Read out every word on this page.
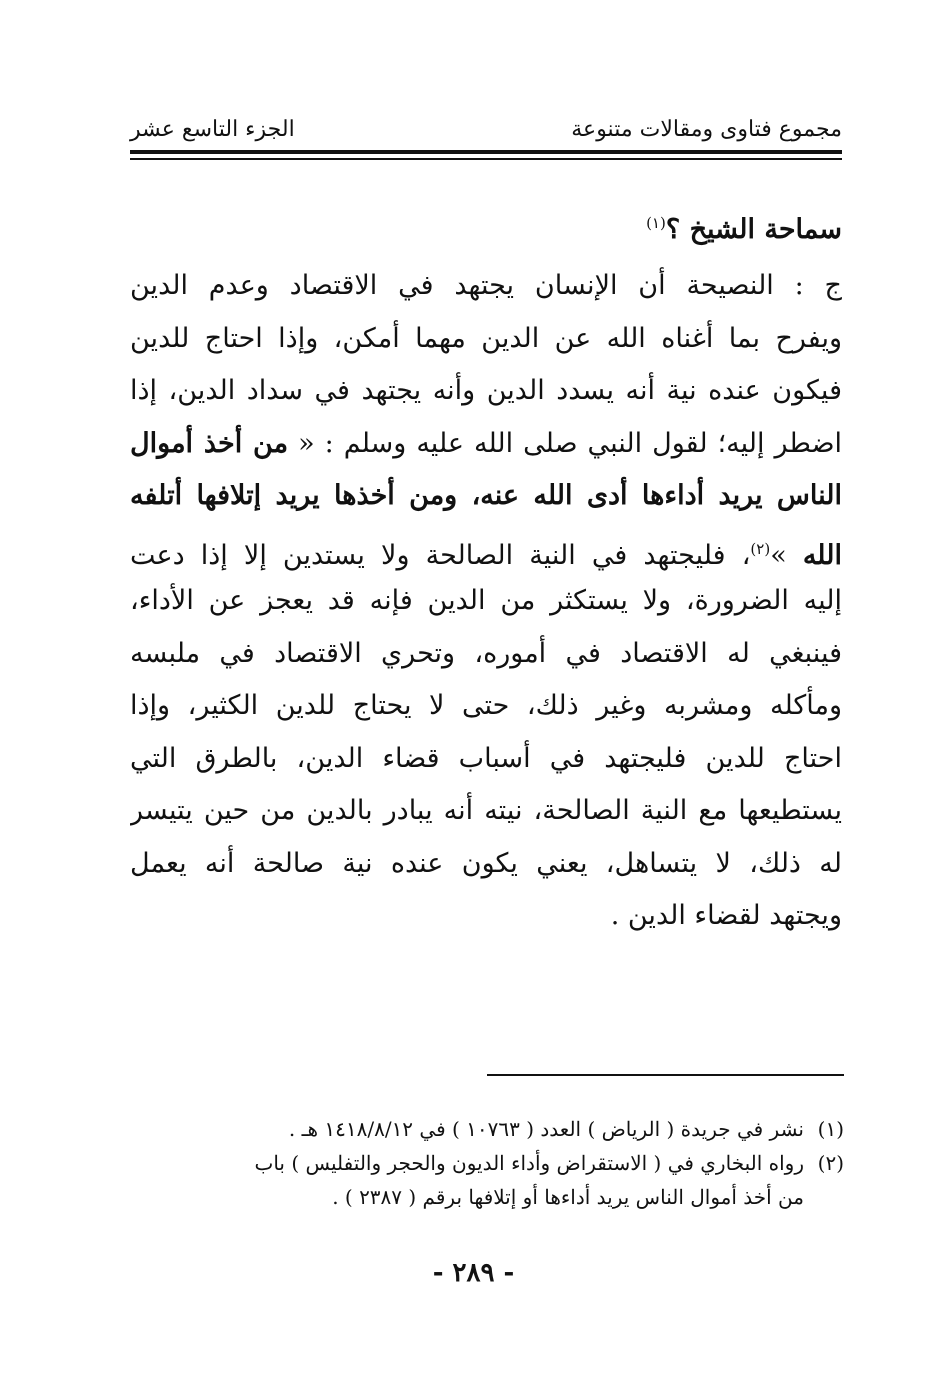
مجموع فتاوى ومقالات متنوعة
الجزء التاسع عشر
سماحة الشيخ ؟$^{(١)}$
ج : النصيحة أن الإنسان يجتهد في الاقتصاد وعدم الدين
ويفرح بما أغناه الله عن الدين مهما أمكن، وإذا احتاج للدين
فيكون عنده نية أنه يسدد الدين وأنه يجتهد في سداد الدين، إذا
اضطر إليه؛ لقول النبي صلى الله عليه وسلم : « من أخذ أموال
الناس يريد أداءها أدى الله عنه، ومن أخذها يريد إتلافها أتلفه
الله »$^{(٢)}$، فليجتهد في النية الصالحة ولا يستدين إلا إذا دعت
إليه الضرورة، ولا يستكثر من الدين فإنه قد يعجز عن الأداء،
فينبغي له الاقتصاد في أموره، وتحري الاقتصاد في ملبسه
ومأكله ومشربه وغير ذلك، حتى لا يحتاج للدين الكثير، وإذا
احتاج للدين فليجتهد في أسباب قضاء الدين، بالطرق التي
يستطيعها مع النية الصالحة، نيته أنه يبادر بالدين من حين يتيسر
له ذلك، لا يتساهل، يعني يكون عنده نية صالحة أنه يعمل
ويجتهد لقضاء الدين .
(١)
نشر في جريدة ( الرياض ) العدد ( ١٠٧٦٣ ) في ١٤١٨/٨/١٢ هـ .
(٢)
رواه البخاري في ( الاستقراض وأداء الديون والحجر والتفليس ) باب
من أخذ أموال الناس يريد أداءها أو إتلافها برقم ( ٢٣٨٧ ) .
- ٢٨٩ -
